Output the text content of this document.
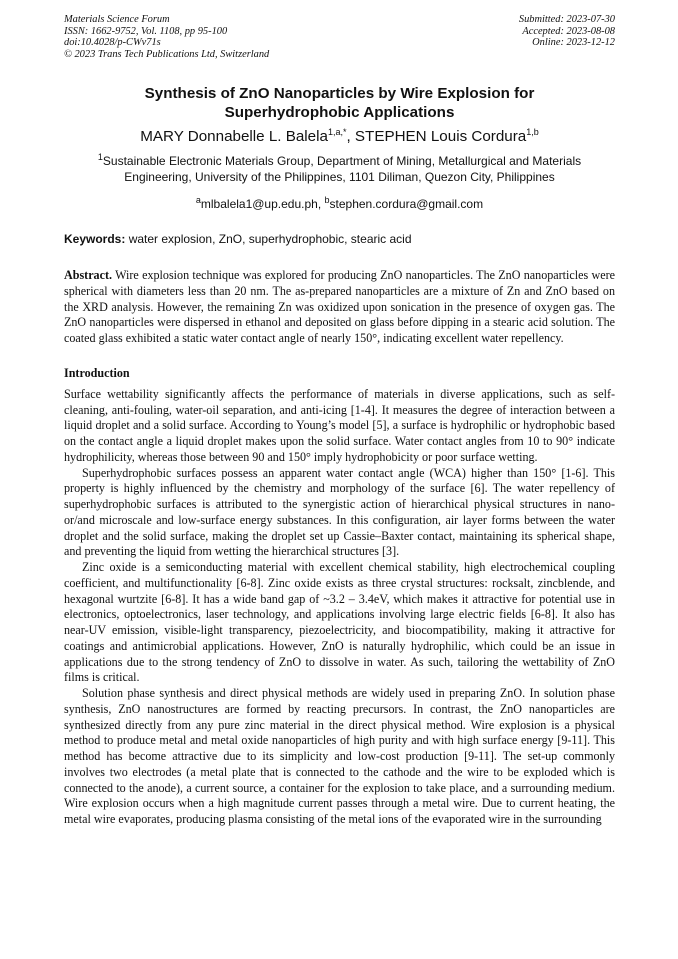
Materials Science Forum
ISSN: 1662-9752, Vol. 1108, pp 95-100
doi:10.4028/p-CWv71s
© 2023 Trans Tech Publications Ltd, Switzerland
Submitted: 2023-07-30
Accepted: 2023-08-08
Online: 2023-12-12
Synthesis of ZnO Nanoparticles by Wire Explosion for
Superhydrophobic Applications
MARY Donnabelle L. Balela$^{1,a,*}$, STEPHEN Louis Cordura$^{1,b}$
$^1$Sustainable Electronic Materials Group, Department of Mining, Metallurgical and Materials
Engineering, University of the Philippines, 1101 Diliman, Quezon City, Philippines
$^a$mlbalela1@up.edu.ph, $^b$stephen.cordura@gmail.com
Keywords: water explosion, ZnO, superhydrophobic, stearic acid
Abstract. Wire explosion technique was explored for producing ZnO nanoparticles. The ZnO nanoparticles were spherical with diameters less than 20 nm. The as-prepared nanoparticles are a mixture of Zn and ZnO based on the XRD analysis. However, the remaining Zn was oxidized upon sonication in the presence of oxygen gas. The ZnO nanoparticles were dispersed in ethanol and deposited on glass before dipping in a stearic acid solution. The coated glass exhibited a static water contact angle of nearly 150°, indicating excellent water repellency.
Introduction

Surface wettability significantly affects the performance of materials in diverse applications, such as self-cleaning, anti-fouling, water-oil separation, and anti-icing [1-4]. It measures the degree of interaction between a liquid droplet and a solid surface. According to Young’s model [5], a surface is hydrophilic or hydrophobic based on the contact angle a liquid droplet makes upon the solid surface. Water contact angles from 10 to 90° indicate hydrophilicity, whereas those between 90 and 150° imply hydrophobicity or poor surface wetting.

Superhydrophobic surfaces possess an apparent water contact angle (WCA) higher than 150° [1-6]. This property is highly influenced by the chemistry and morphology of the surface [6]. The water repellency of superhydrophobic surfaces is attributed to the synergistic action of hierarchical physical structures in nano- or/and microscale and low-surface energy substances. In this configuration, air layer forms between the water droplet and the solid surface, making the droplet set up Cassie–Baxter contact, maintaining its spherical shape, and preventing the liquid from wetting the hierarchical structures [3].

Zinc oxide is a semiconducting material with excellent chemical stability, high electrochemical coupling coefficient, and multifunctionality [6-8]. Zinc oxide exists as three crystal structures: rocksalt, zincblende, and hexagonal wurtzite [6-8]. It has a wide band gap of ~3.2 – 3.4eV, which makes it attractive for potential use in electronics, optoelectronics, laser technology, and applications involving large electric fields [6-8]. It also has near-UV emission, visible-light transparency, piezoelectricity, and biocompatibility, making it attractive for coatings and antimicrobial applications. However, ZnO is naturally hydrophilic, which could be an issue in applications due to the strong tendency of ZnO to dissolve in water. As such, tailoring the wettability of ZnO films is critical.

Solution phase synthesis and direct physical methods are widely used in preparing ZnO. In solution phase synthesis, ZnO nanostructures are formed by reacting precursors. In contrast, the ZnO nanoparticles are synthesized directly from any pure zinc material in the direct physical method. Wire explosion is a physical method to produce metal and metal oxide nanoparticles of high purity and with high surface energy [9-11]. This method has become attractive due to its simplicity and low-cost production [9-11]. The set-up commonly involves two electrodes (a metal plate that is connected to the cathode and the wire to be exploded which is connected to the anode), a current source, a container for the explosion to take place, and a surrounding medium. Wire explosion occurs when a high magnitude current passes through a metal wire. Due to current heating, the metal wire evaporates, producing plasma consisting of the metal ions of the evaporated wire in the surrounding
